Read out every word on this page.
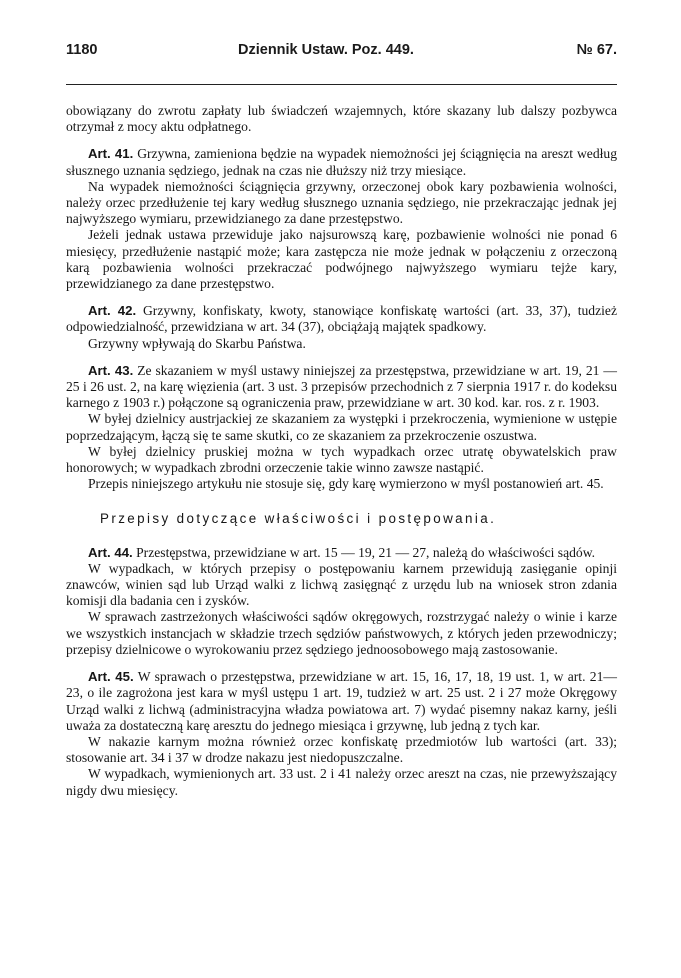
1180	Dziennik Ustaw. Poz. 449.	№ 67.

obowiązany do zwrotu zapłaty lub świadczeń wzajemnych, które skazany lub dalszy pozbywca otrzymał z mocy aktu odpłatnego.

Art. 41. Grzywna, zamieniona będzie na wypadek niemożności jej ściągnięcia na areszt według słusznego uznania sędziego, jednak na czas nie dłuższy niż trzy miesiące.

Na wypadek niemożności ściągnięcia grzywny, orzeczonej obok kary pozbawienia wolności, należy orzec przedłużenie tej kary według słusznego uznania sędziego, nie przekraczając jednak jej najwyższego wymiaru, przewidzianego za dane przestępstwo.

Jeżeli jednak ustawa przewiduje jako najsurowszą karę, pozbawienie wolności nie ponad 6 miesięcy, przedłużenie nastąpić może; kara zastępcza nie może jednak w połączeniu z orzeczoną karą pozbawienia wolności przekraczać podwójnego najwyższego wymiaru tejże kary, przewidzianego za dane przestępstwo.

Art. 42. Grzywny, konfiskaty, kwoty, stanowiące konfiskatę wartości (art. 33, 37), tudzież odpowiedzialność, przewidziana w art. 34 (37), obciążają majątek spadkowy.

Grzywny wpływają do Skarbu Państwa.

Art. 43. Ze skazaniem w myśl ustawy niniejszej za przestępstwa, przewidziane w art. 19, 21 — 25 i 26 ust. 2, na karę więzienia (art. 3 ust. 3 przepisów przechodnich z 7 sierpnia 1917 r. do kodeksu karnego z 1903 r.) połączone są ograniczenia praw, przewidziane w art. 30 kod. kar. ros. z r. 1903.

W byłej dzielnicy austrjackiej ze skazaniem za występki i przekroczenia, wymienione w ustępie poprzedzającym, łączą się te same skutki, co ze skazaniem za przekroczenie oszustwa.

W byłej dzielnicy pruskiej można w tych wypadkach orzec utratę obywatelskich praw honorowych; w wypadkach zbrodni orzeczenie takie winno zawsze nastąpić.

Przepis niniejszego artykułu nie stosuje się, gdy karę wymierzono w myśl postanowień art. 45.

Przepisy dotyczące właściwości i postępowania.

Art. 44. Przestępstwa, przewidziane w art. 15 — 19, 21 — 27, należą do właściwości sądów.

W wypadkach, w których przepisy o postępowaniu karnem przewidują zasięganie opinji znawców, winien sąd lub Urząd walki z lichwą zasięgnąć z urzędu lub na wniosek stron zdania komisji dla badania cen i zysków.

W sprawach zastrzeżonych właściwości sądów okręgowych, rozstrzygać należy o winie i karze we wszystkich instancjach w składzie trzech sędziów państwowych, z których jeden przewodniczy; przepisy dzielnicowe o wyrokowaniu przez sędziego jednoosobowego mają zastosowanie.

Art. 45. W sprawach o przestępstwa, przewidziane w art. 15, 16, 17, 18, 19 ust. 1, w art. 21—23, o ile zagrożona jest kara w myśl ustępu 1 art. 19, tudzież w art. 25 ust. 2 i 27 może Okręgowy Urząd walki z lichwą (administracyjna władza powiatowa art. 7) wydać pisemny nakaz karny, jeśli uważa za dostateczną karę aresztu do jednego miesiąca i grzywnę, lub jedną z tych kar.

W nakazie karnym można również orzec konfiskatę przedmiotów lub wartości (art. 33); stosowanie art. 34 i 37 w drodze nakazu jest niedopuszczalne.

W wypadkach, wymienionych art. 33 ust. 2 i 41 należy orzec areszt na czas, nie przewyższający nigdy dwu miesięcy.
